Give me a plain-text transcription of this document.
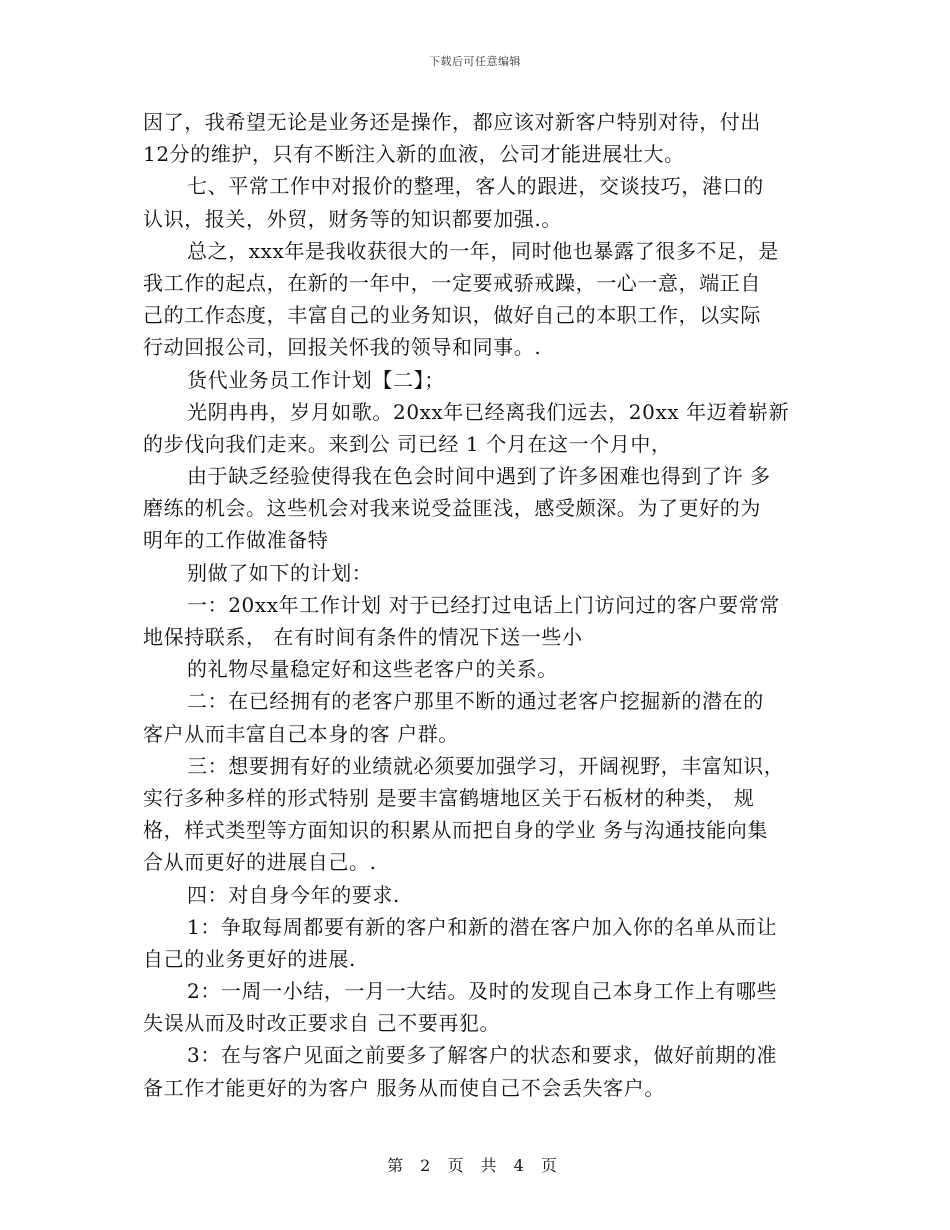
下载后可任意编辑
因了，我希望无论是业务还是操作，都应该对新客户特别对待，付出
12分的维护，只有不断注入新的血液，公司才能进展壮大。
七、平常工作中对报价的整理，客人的跟进，交谈技巧，港口的
认识，报关，外贸，财务等的知识都要加强.。
总之，xxx年是我收获很大的一年，同时他也暴露了很多不足，是
我工作的起点，在新的一年中，一定要戒骄戒躁，一心一意，端正自
己的工作态度，丰富自己的业务知识，做好自己的本职工作，以实际
行动回报公司，回报关怀我的领导和同事。.
货代业务员工作计划【二】；
光阴冉冉，岁月如歌。20xx年已经离我们远去，20xx 年迈着崭新
的步伐向我们走来。来到公 司已经 1 个月在这一个月中，
由于缺乏经验使得我在色会时间中遇到了许多困难也得到了许 多
磨练的机会。这些机会对我来说受益匪浅，感受颇深。为了更好的为
明年的工作做准备特
别做了如下的计划：
一：20xx年工作计划 对于已经打过电话上门访问过的客户要常常
地保持联系， 在有时间有条件的情况下送一些小
的礼物尽量稳定好和这些老客户的关系。
二：在已经拥有的老客户那里不断的通过老客户挖掘新的潜在的
客户从而丰富自己本身的客 户群。
三：想要拥有好的业绩就必须要加强学习，开阔视野，丰富知识，
实行多种多样的形式特别 是要丰富鹤塘地区关于石板材的种类， 规
格，样式类型等方面知识的积累从而把自身的学业 务与沟通技能向集
合从而更好的进展自己。.
四：对自身今年的要求.
1：争取每周都要有新的客户和新的潜在客户加入你的名单从而让
自己的业务更好的进展.
2：一周一小结，一月一大结。及时的发现自己本身工作上有哪些
失误从而及时改正要求自 己不要再犯。
3：在与客户见面之前要多了解客户的状态和要求，做好前期的准
备工作才能更好的为客户 服务从而使自己不会丢失客户。
第 2 页 共 4 页
